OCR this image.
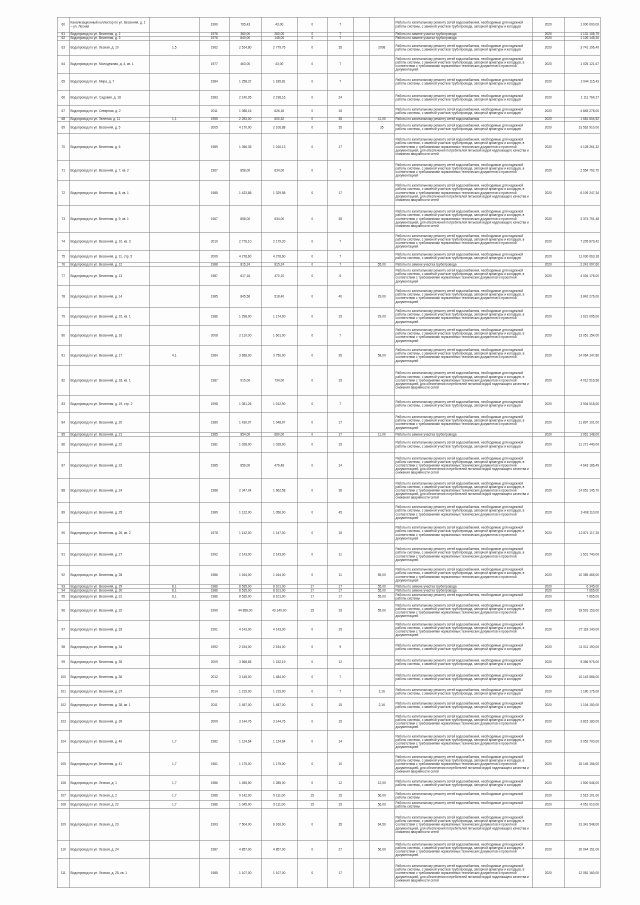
60	Канализационный коллектор по ул. Весенняя, д. 1 – ул. Лесная		1990	765,43	43,00	0	7			Работы по капитальному ремонту сетей водоснабжения, необходимые для надежной работы системы, с заменой участков трубопровода, запорной арматуры и колодцев	2020	1 000 000,00
61	Водопровод по ул. Весенняя, д. 2		1976	360,00	260,00	0	7			Работы по замене участка трубопровода	2020	1 131 108,75
62	Водопровод по ул. Весенняя, д. 3		1976	840,00	148,00	0	7			Работы по замене участка трубопровода	2020	1 126 145,30
63	Водопровод по ул. Лесная, д. 10	1,5	1962	2 514,80	2 779,76	0	35		2008	Работы по капитальному ремонту сетей водоснабжения, необходимые для надежной работы системы, с заменой участков трубопровода, запорной арматуры и колодцев	2020	3 741 196,40
64	Водопровод по ул. Молодежная, д. 4, кв. 1		1977	463,00	43,00	0	7			Работы по капитальному ремонту сетей водоснабжения, необходимые для надежной работы системы, с заменой участков трубопровода, запорной арматуры и колодцев, в соответствии с требованиями нормативных технических документов и проектной документацией	2020	1 025 121,67
65	Водопровод по ул. Мира, д. 7		1984	1 258,37	1 185,81	0	7			Работы по капитальному ремонту сетей водоснабжения, необходимые для надежной работы системы, с заменой участков трубопровода, запорной арматуры и колодцев	2020	2 044 115,43
66	Водопровод по ул. Садовая, д. 18		1983	2 140,05	2 198,16	0	24			Работы по капитальному ремонту сетей водоснабжения, необходимые для надежной работы системы, с заменой участков трубопровода, запорной арматуры и колодцев	2020	1 111 764,27
67	Водопровод по ул. Северная, д. 2		2011	1 088,16	626,16	0	15			Работы по капитальному ремонту сетей водоснабжения, необходимые для надежной работы системы, с заменой участков трубопровода, запорной арматуры и колодцев	2020	4 845 278,00
68	Водопровод по ул. Зеленая, д. 11	1,1	1955	2 253,00	600,52	0	35		11,00	Работы по капитальному ремонту сетей водоснабжения	2020	1 681 604,52
69	Водопровод по ул. Весенняя, д. 5		2005	4 170,00	2 106,88	0	35		35	Работы по капитальному ремонту сетей водоснабжения, необходимые для надежной работы системы, с заменой участков трубопровода, запорной арматуры и колодцев	2020	31 562 910,00
70	Водопровод по ул. Весенняя, д. 6		1989	1 056,35	1 016,13	0	17			Работы по капитальному ремонту сетей водоснабжения, необходимые для надежной работы системы, с заменой участков трубопровода, запорной арматуры и колодцев, в соответствии с требованиями нормативных технических документов и проектной документацией, для обеспечения потребителей питьевой водой надлежащего качества и снижения аварийности сетей	2020	4 128 261,32
71	Водопровод по ул. Весенняя, д. 7, кв. 2		1967	858,00	634,00	0	7			Работы по капитальному ремонту сетей водоснабжения, необходимые для надежной работы системы, с заменой участков трубопровода, запорной арматуры и колодцев, в соответствии с требованиями нормативных технических документов и проектной документацией	2020	2 554 792,70
72	Водопровод по ул. Весенняя, д. 8, кв. 1		1985	1 423,86	1 329,98	0	17			Работы по капитальному ремонту сетей водоснабжения, необходимые для надежной работы системы, с заменой участков трубопровода, запорной арматуры и колодцев, в соответствии с требованиями нормативных технических документов и проектной документацией, для обеспечения потребителей питьевой водой надлежащего качества и снижения аварийности сетей	2020	6 109 247,34
73	Водопровод по ул. Весенняя, д. 9, кв. 1		1967	858,00	634,00	0	35			Работы по капитальному ремонту сетей водоснабжения, необходимые для надежной работы системы, с заменой участков трубопровода, запорной арматуры и колодцев, в соответствии с требованиями нормативных технических документов и проектной документацией, для обеспечения потребителей питьевой водой надлежащего качества и снижения аварийности сетей	2020	3 374 791,48
74	Водопровод по ул. Весенняя, д. 10, кв. 3		2010	2 776,10	2 179,20	0	7			Работы по капитальному ремонту сетей водоснабжения, необходимые для надежной работы системы, с заменой участков трубопровода, запорной арматуры и колодцев, в соответствии с требованиями нормативных технических документов и проектной документацией	2020	7 205 879,42
75	Водопровод по ул. Весенняя, д. 11, стр. 5		2009	4 278,60	4 278,60	0	7			Работы по капитальному ремонту сетей водоснабжения, необходимые для надежной работы системы, с заменой участков трубопровода, запорной арматуры и колодцев	2020	11 030 063,18
76	Водопровод по ул. Весенняя, д. 12		1988	815,24	815,24	0	7		55,00	Работы по замене участка трубопровода	2020	2 241 097,60
77	Водопровод по ул. Весенняя, д. 13		1987	617,16	470,10	0	6			Работы по капитальному ремонту сетей водоснабжения, необходимые для надежной работы системы, с заменой участков трубопровода, запорной арматуры и колодцев, в соответствии с требованиями нормативных технических документов и проектной документацией	2020	4 004 176,00
78	Водопровод по ул. Весенняя, д. 14		1985	845,56	518,40	0	40		29,00	Работы по капитальному ремонту сетей водоснабжения, необходимые для надежной работы системы, с заменой участков трубопровода, запорной арматуры и колодцев, в соответствии с требованиями нормативных технических документов и проектной документацией	2020	3 842 276,00
79	Водопровод по ул. Весенняя, д. 15, кв. 1		1986	1 298,00	1 174,00	0	15		29,00	Работы по капитальному ремонту сетей водоснабжения, необходимые для надежной работы системы, с заменой участков трубопровода, запорной арматуры и колодцев, в соответствии с требованиями нормативных технических документов и проектной документацией	2020	1 621 095,00
80	Водопровод по ул. Весенняя, д. 16		2008	2 110,00	1 601,00	0	7			Работы по капитальному ремонту сетей водоснабжения, необходимые для надежной работы системы, с заменой участков трубопровода, запорной арматуры и колодцев, в соответствии с требованиями нормативных технических документов и проектной документацией	2020	13 051 154,00
81	Водопровод по ул. Весенняя, д. 17	4,1	1984	3 658,00	3 750,00	0	35		58,00	Работы по капитальному ремонту сетей водоснабжения, необходимые для надежной работы системы, с заменой участков трубопровода, запорной арматуры и колодцев, в соответствии с требованиями нормативных технических документов и проектной документацией	2020	14 064 147,80
82	Водопровод по ул. Весенняя, д. 18, кв. 1		1987	915,00	734,00	0	15			Работы по капитальному ремонту сетей водоснабжения, необходимые для надежной работы системы, с заменой участков трубопровода, запорной арматуры и колодцев, в соответствии с требованиями нормативных технических документов и проектной документацией, для обеспечения потребителей питьевой водой надлежащего качества и снижения аварийности сетей	2020	4 012 516,56
83	Водопровод по ул. Весенняя, д. 19, стр. 2		1998	1 081,26	1 012,90	0	7			Работы по капитальному ремонту сетей водоснабжения, необходимые для надежной работы системы, с заменой участков трубопровода, запорной арматуры и колодцев	2020	3 904 518,00
84	Водопровод по ул. Весенняя, д. 20		1989	1 430,07	1 048,97	0	17			Работы по капитальному ремонту сетей водоснабжения, необходимые для надежной работы системы, с заменой участков трубопровода, запорной арматуры и колодцев, в соответствии с требованиями нормативных технических документов и проектной документацией	2020	11 897 101,00
85	Водопровод по ул. Весенняя, д. 21		1985	854,00	680,00	0	17		11,00	Работы по замене участка трубопровода	2020	1 061 148,00
86	Водопровод по ул. Весенняя, д. 22		1981	1 028,00	1 028,00	0	15			Работы по капитальному ремонту сетей водоснабжения, необходимые для надежной работы системы, с заменой участков трубопровода, запорной арматуры и колодцев	2020	11 271 440,00
87	Водопровод по ул. Весенняя, д. 23		1985	856,00	476,48	0	14			Работы по капитальному ремонту сетей водоснабжения, необходимые для надежной работы системы, с заменой участков трубопровода, запорной арматуры и колодцев, в соответствии с требованиями нормативных технических документов и проектной документацией, для обеспечения потребителей питьевой водой надлежащего качества и снижения аварийности сетей	2020	4 643 186,49
88	Водопровод по ул. Весенняя, д. 24		1988	2 347,04	1 662,58	0	36			Работы по капитальному ремонту сетей водоснабжения, необходимые для надежной работы системы, с заменой участков трубопровода, запорной арматуры и колодцев, в соответствии с требованиями нормативных технических документов и проектной документацией, для обеспечения потребителей питьевой водой надлежащего качества и снижения аварийности сетей	2020	14 651 145,70
89	Водопровод по ул. Весенняя, д. 25		1989	1 122,00	1 056,00	0	45			Работы по капитальному ремонту сетей водоснабжения, необходимые для надежной работы системы, с заменой участков трубопровода, запорной арматуры и колодцев, в соответствии с требованиями нормативных технических документов и проектной документацией	2020	3 408 110,00
90	Водопровод по ул. Весенняя, д. 26, кв. 2		1978	1 142,00	1 147,00	0	15			Работы по капитальному ремонту сетей водоснабжения, необходимые для надежной работы системы, с заменой участков трубопровода, запорной арматуры и колодцев, в соответствии с требованиями нормативных технических документов и проектной документацией	2020	12 871 117,25
91	Водопровод по ул. Весенняя, д. 27		1992	2 143,00	2 143,00	0	11			Работы по капитальному ремонту сетей водоснабжения, необходимые для надежной работы системы, с заменой участков трубопровода, запорной арматуры и колодцев, в соответствии с требованиями нормативных технических документов и проектной документацией	2020	1 501 740,00
92	Водопровод по ул. Весенняя, д. 28		1986	1 164,00	1 164,00	0	11		55,00	Работы по капитальному ремонту сетей водоснабжения, необходимые для надежной работы системы, с заменой участков трубопровода, запорной арматуры и колодцев, в соответствии с требованиями нормативных технических документов и проектной документацией	2020	10 355 465,00
93	Водопровод по ул. Весенняя, д. 29	8,1	1986	8 535,00	8 101,00	17	17		55,00	Работы по замене участка трубопровода	2020	6 345,00
94	Водопровод по ул. Весенняя, д. 30	8,1	1986	8 535,00	8 101,00	17	17		55,00	Работы по замене участка трубопровода	2020	7 665,00
95	Водопровод по ул. Весенняя, д. 31	8,1	1986	8 535,00	8 101,00	17	17		55,00	Работы по капитальному ремонту сетей водоснабжения, необходимые для надежной работы системы	2020	7 665,00
96	Водопровод по ул. Весенняя, д. 32		1999	44 858,00	43 140,00	15	15		55,00	Работы по капитальному ремонту сетей водоснабжения, необходимые для надежной работы системы, с заменой участков трубопровода, запорной арматуры и колодцев, в соответствии с требованиями нормативных технических документов и проектной документацией	2020	33 591 153,00
97	Водопровод по ул. Весенняя, д. 33		1991	4 143,00	4 143,00	0	15			Работы по капитальному ремонту сетей водоснабжения, необходимые для надежной работы системы, с заменой участков трубопровода, запорной арматуры и колодцев, в соответствии с требованиями нормативных технических документов и проектной документацией	2020	27 118 140,00
98	Водопровод по ул. Весенняя, д. 34		1992	2 154,00	2 154,00	0	9			Работы по капитальному ремонту сетей водоснабжения, необходимые для надежной работы системы, с заменой участков трубопровода, запорной арматуры и колодцев	2020	11 011 190,00
99	Водопровод по ул. Весенняя, д. 35		2009	3 568,65	1 152,19	0	12			Работы по капитальному ремонту сетей водоснабжения, необходимые для надежной работы системы, с заменой участков трубопровода, запорной арматуры и колодцев	2020	9 356 975,00
100	Водопровод по ул. Весенняя, д. 36		2012	3 145,00	1 484,00	0	7			Работы по капитальному ремонту сетей водоснабжения, необходимые для надежной работы системы, с заменой участков трубопровода, запорной арматуры и колодцев	2020	10 143 586,00
101	Водопровод по ул. Весенняя, д. 37		2014	1 215,00	1 215,00	0	7		2,16	Работы по капитальному ремонту сетей водоснабжения, необходимые для надежной работы системы, с заменой участков трубопровода, запорной арматуры и колодцев	2020	1 180 175,00
102	Водопровод по ул. Весенняя, д. 38, кв. 1		2011	1 457,00	1 457,00	0	15		2,16	Работы по капитальному ремонту сетей водоснабжения, необходимые для надежной работы системы, с заменой участков трубопровода, запорной арматуры и колодцев	2020	1 104 150,00
103	Водопровод по ул. Весенняя, д. 39		2009	3 144,76	3 144,76	0	15			Работы по капитальному ремонту сетей водоснабжения, необходимые для надежной работы системы, с заменой участков трубопровода, запорной арматуры и колодцев, в соответствии с требованиями нормативных технических документов и проектной документацией	2020	3 815 180,00
104	Водопровод по ул. Весенняя, д. 40	1,7	1982	1 124,64	1 124,64	0	14			Работы по капитальному ремонту сетей водоснабжения, необходимые для надежной работы системы, с заменой участков трубопровода, запорной арматуры и колодцев, в соответствии с требованиями нормативных технических документов и проектной документацией	2020	3 052 700,00
105	Водопровод по ул. Весенняя, д. 41	1,7	1961	1 175,00	1 175,00	0	10			Работы по капитальному ремонту сетей водоснабжения, необходимые для надежной работы системы, с заменой участков трубопровода, запорной арматуры и колодцев, в соответствии с требованиями нормативных технических документов и проектной документацией, для обеспечения потребителей питьевой водой надлежащего качества и снижения аварийности сетей	2020	15 145 156,00
106	Водопровод по ул. Лесная, д. 1	1,7	1986	1 455,50	1 285,00	0	12		12,00	Работы по капитальному ремонту сетей водоснабжения, необходимые для надежной работы системы, с заменой участков трубопровода, запорной арматуры и колодцев	2020	1 500 546,00
107	Водопровод по ул. Лесная, д. 2	1,7	1986	9 142,00	5 111,00	15	15		56,00	Работы по капитальному ремонту сетей водоснабжения, необходимые для надежной работы системы	2020	2 515 101,00
108	Водопровод по ул. Лесная, д. 22	1,7	1986	1 045,00	5 111,00	15	15		56,00	Работы по капитальному ремонту сетей водоснабжения, необходимые для надежной работы системы	2020	4 051 010,00
109	Водопровод по ул. Лесная, д. 23		1993	7 504,00	6 160,00	0	35		64,50	Работы по капитальному ремонту сетей водоснабжения, необходимые для надежной работы системы, с заменой участков трубопровода, запорной арматуры и колодцев, в соответствии с требованиями нормативных технических документов и проектной документацией, для обеспечения потребителей питьевой водой надлежащего качества и снижения аварийности сетей	2020	31 341 548,00
110	Водопровод по ул. Лесная, д. 24		1987	4 857,00	4 857,00	0	27		56,00	Работы по капитальному ремонту сетей водоснабжения, необходимые для надежной работы системы, с заменой участков трубопровода, запорной арматуры и колодцев, в соответствии с требованиями нормативных технических документов и проектной документацией	2020	20 044 151,00
111	Водопровод по ул. Лесная, д. 25, кв. 1		1985	1 107,00	1 107,00	0	17			Работы по капитальному ремонту сетей водоснабжения, необходимые для надежной работы системы, с заменой участков трубопровода, запорной арматуры и колодцев, в соответствии с требованиями нормативных технических документов и проектной документацией, для обеспечения потребителей питьевой водой надлежащего качества и снижения аварийности сетей	2020	12 081 160,00
